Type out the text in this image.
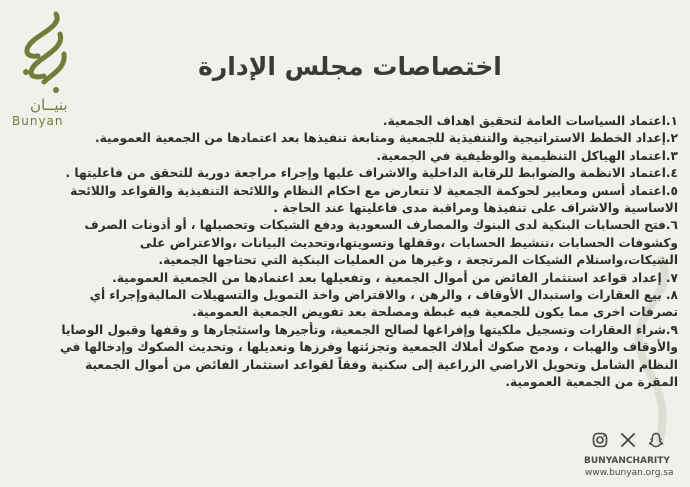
بنيــان
Bunyan
اختصاصات مجلس الإدارة

١.اعتماد السياسات العامة لتحقيق اهداف الجمعية.

٢.إعداد الخطط الاستراتيجية والتنفيذية للجمعية ومتابعة تنفيذها بعد اعتمادها من الجمعية العمومية.

٣.اعتماد الهياكل التنظيمية والوظيفية في الجمعية.

٤.اعتماد الانظمة والضوابط للرقابة الداخلية والاشراف عليها وإجراء مراجعة دورية للتحقق من فاعليتها .

٥.اعتماد أسس ومعايير لحوكمة الجمعية لا تتعارض مع احكام النظام واللائحة التنفيذية والقواعد واللائحة الاساسية والاشراف على تنفيذها ومراقبة مدى فاعليتها عند الحاجة .

٦.فتح الحسابات البنكية لدى البنوك والمصارف السعودية ودفع الشيكات وتحصيلها ، أو أذونات الصرف وكشوفات الحسابات ،تنشيط الحسابات ،وقفلها وتسويتها،وتحديث البيانات ،والاعتراض على الشيكات،واستلام الشيكات المرتجعة ، وغيرها من العمليات البنكية التي تحتاجها الجمعية.

٧. إعداد قواعد استثمار الفائض من أموال الجمعية ، وتفعيلها بعد اعتمادها من الجمعية العمومية.

٨. بيع العقارات واستبدال الأوقاف ، والرهن ، والاقتراض واخذ التمويل والتسهيلات الماليةوإجراء أي تصرفات اخرى مما يكون للجمعية فيه غبطة ومصلحة بعد تفويض الجمعية العمومية.

٩.شراء العقارات وتسجيل ملكيتها وإفراغها لصالح الجمعية، وتأجيرها واستئجارها و وقفها وقبول الوصايا والأوقاف والهبات ، ودمج صكوك أملاك الجمعية وتجزئتها وفرزها وتعديلها ، وتحديث الصكوك وإدخالها في النظام الشامل وتحويل الاراضي الزراعية إلى سكنية وفقاً لقواعد استثمار الفائض من أموال الجمعية المقرة من الجمعية العمومية.

BUNYANCHARITY
www.bunyan.org.sa
